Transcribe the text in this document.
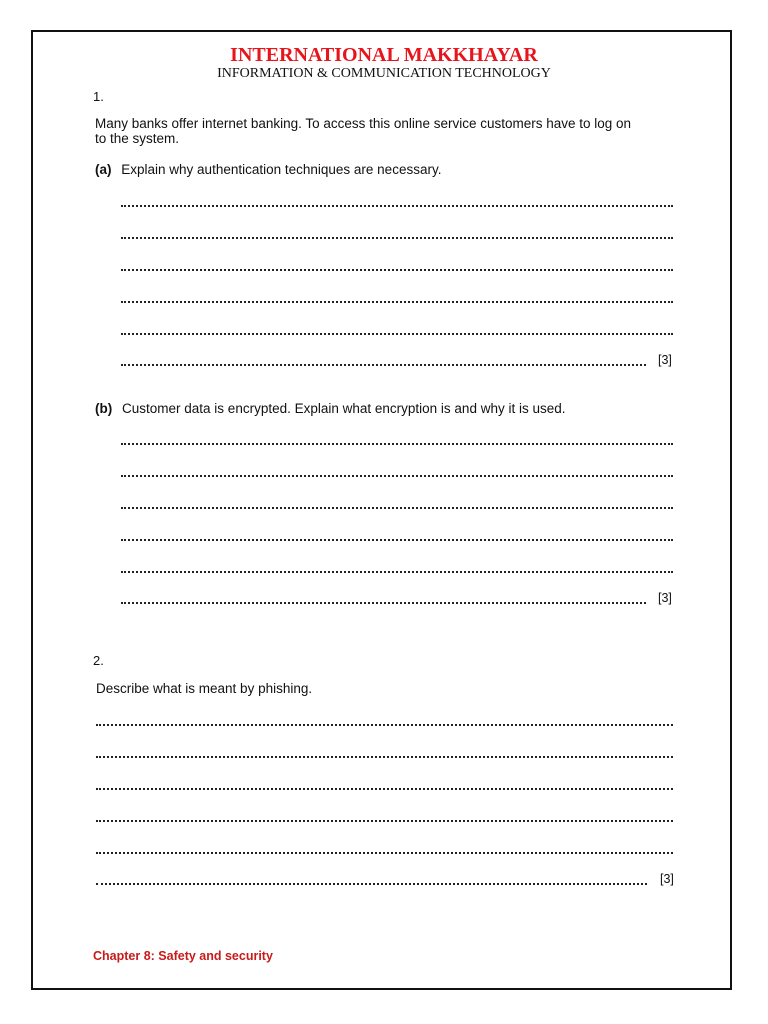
INTERNATIONAL MAKKHAYAR
INFORMATION & COMMUNICATION TECHNOLOGY
1.
Many banks offer internet banking. To access this online service customers have to log on
to the system.
(a) Explain why authentication techniques are necessary.
[3]
(b) Customer data is encrypted. Explain what encryption is and why it is used.
[3]
2.
Describe what is meant by phishing.
[3]
Chapter 8: Safety and security
